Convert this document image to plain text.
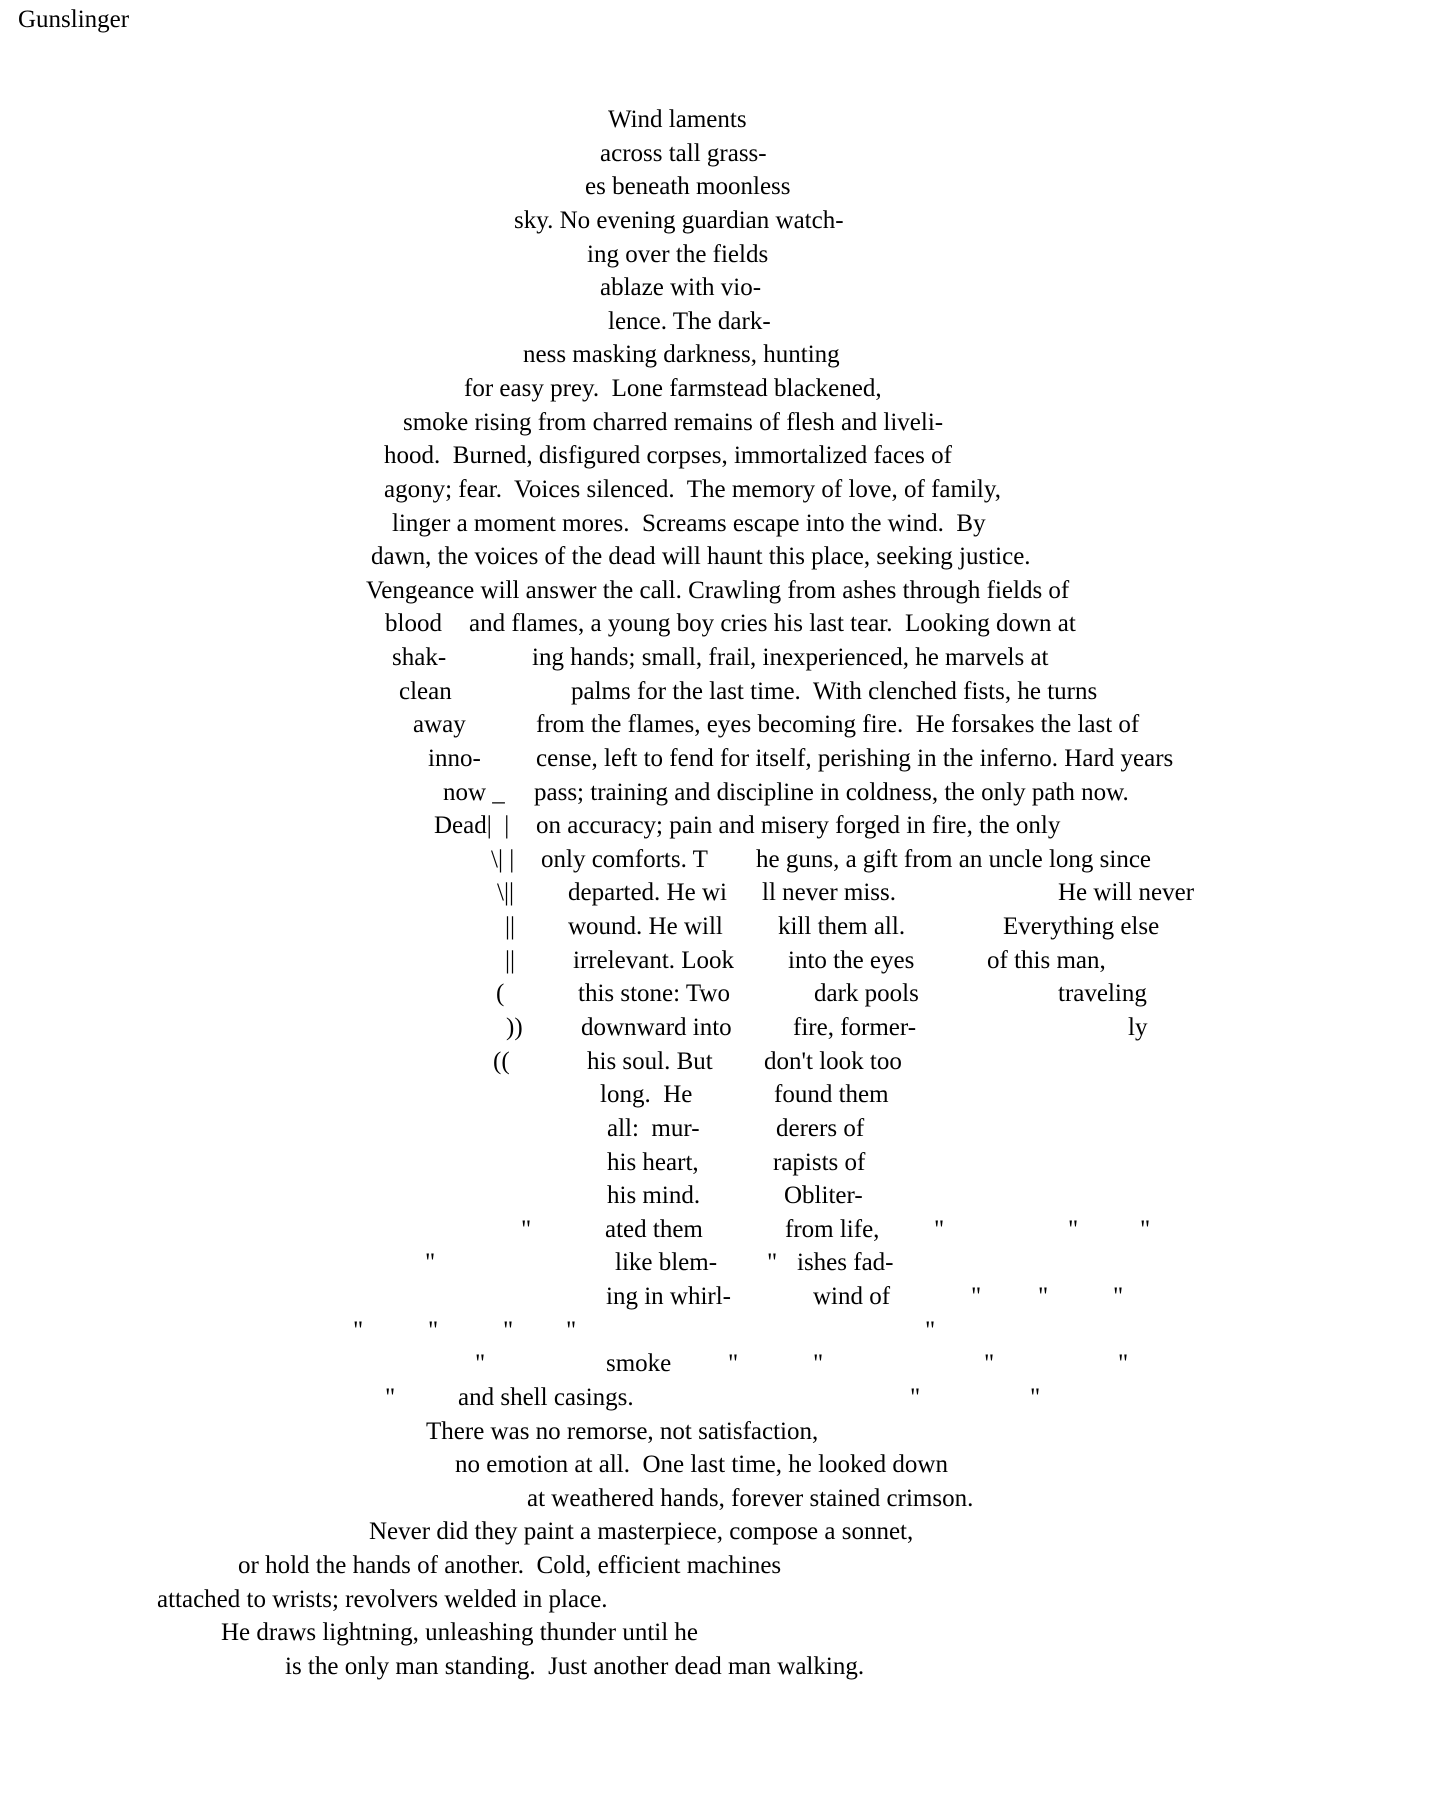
Gunslinger
Wind laments
across tall grass-
es beneath moonless
sky. No evening guardian watch-
ing over the fields
ablaze with vio-
lence. The dark-
ness masking darkness, hunting
for easy prey.  Lone farmstead blackened,
smoke rising from charred remains of flesh and liveli-
hood.  Burned, disfigured corpses, immortalized faces of
agony; fear.  Voices silenced.  The memory of love, of family,
linger a moment mores.  Screams escape into the wind.  By
dawn, the voices of the dead will haunt this place, seeking justice.
Vengeance will answer the call. Crawling from ashes through fields of
blood and flames, a young boy cries his last tear.  Looking down at
shak-	ing hands; small, frail, inexperienced, he marvels at
clean	palms for the last time.  With clenched fists, he turns
away	from the flames, eyes becoming fire.  He forsakes the last of
inno- cense, left to fend for itself, perishing in the inferno. Hard years
now _ pass; training and discipline in coldness, the only path now.
Dead|  | on accuracy; pain and misery forged in fire, the only
\| | only comforts. T he guns, a gift from an uncle long since
\|| departed. He wi ll never miss.	He will never
|| wound. He will kill them all.	Everything else
|| irrelevant. Look into the eyes	of this man,
(	this stone: Two	dark pools	traveling
)) downward into fire, former-	ly
((	his soul. But don't look too
long.  He	found them
all:  mur-	derers of
his heart,	rapists of
his mind.	Obliter-
"	ated them	from life, "	" "
"	like blem- " ishes fad-
ing in whirl-	wind of	" "	"
"	"	" "	"
"	smoke "	"	"	"
"	and shell casings.	"	"
There was no remorse, not satisfaction,
no emotion at all.  One last time, he looked down
at weathered hands, forever stained crimson.
Never did they paint a masterpiece, compose a sonnet,
or hold the hands of another.  Cold, efficient machines
attached to wrists; revolvers welded in place.
He draws lightning, unleashing thunder until he
is the only man standing.  Just another dead man walking.
